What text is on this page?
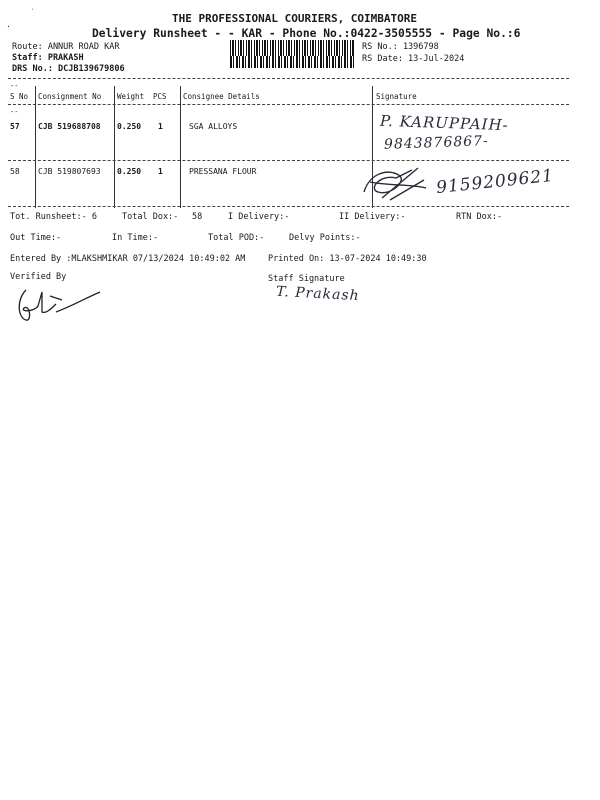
˙
·
THE PROFESSIONAL COURIERS, COIMBATORE
Delivery Runsheet - - KAR - Phone No.:0422-3505555 - Page No.:6
Route: ANNUR ROAD KAR
Staff: PRAKASH
DRS No.: DCJB139679806
RS No.: 1396798
RS Date: 13-Jul-2024
--
S No Consignment No Weight PCS Consignee Details	Signature
--
57 CJB 519688708 0.250 1	SGA ALLOYS	P. KARUPPAIH-
9843876867-
58 CJB 519807693 0.250 1	PRESSANA FLOUR	9159209621
Tot. Runsheet:- 6	Total Dox:- 58	I Delivery:-	II Delivery:-	RTN Dox:-
Out Time:-	In Time:-	Total POD:-	Delvy Points:-
Entered By :MLAKSHMIKAR 07/13/2024 10:49:02 AM	Printed On: 13-07-2024 10:49:30
Verified By	Staff Signature
T. Prakash
